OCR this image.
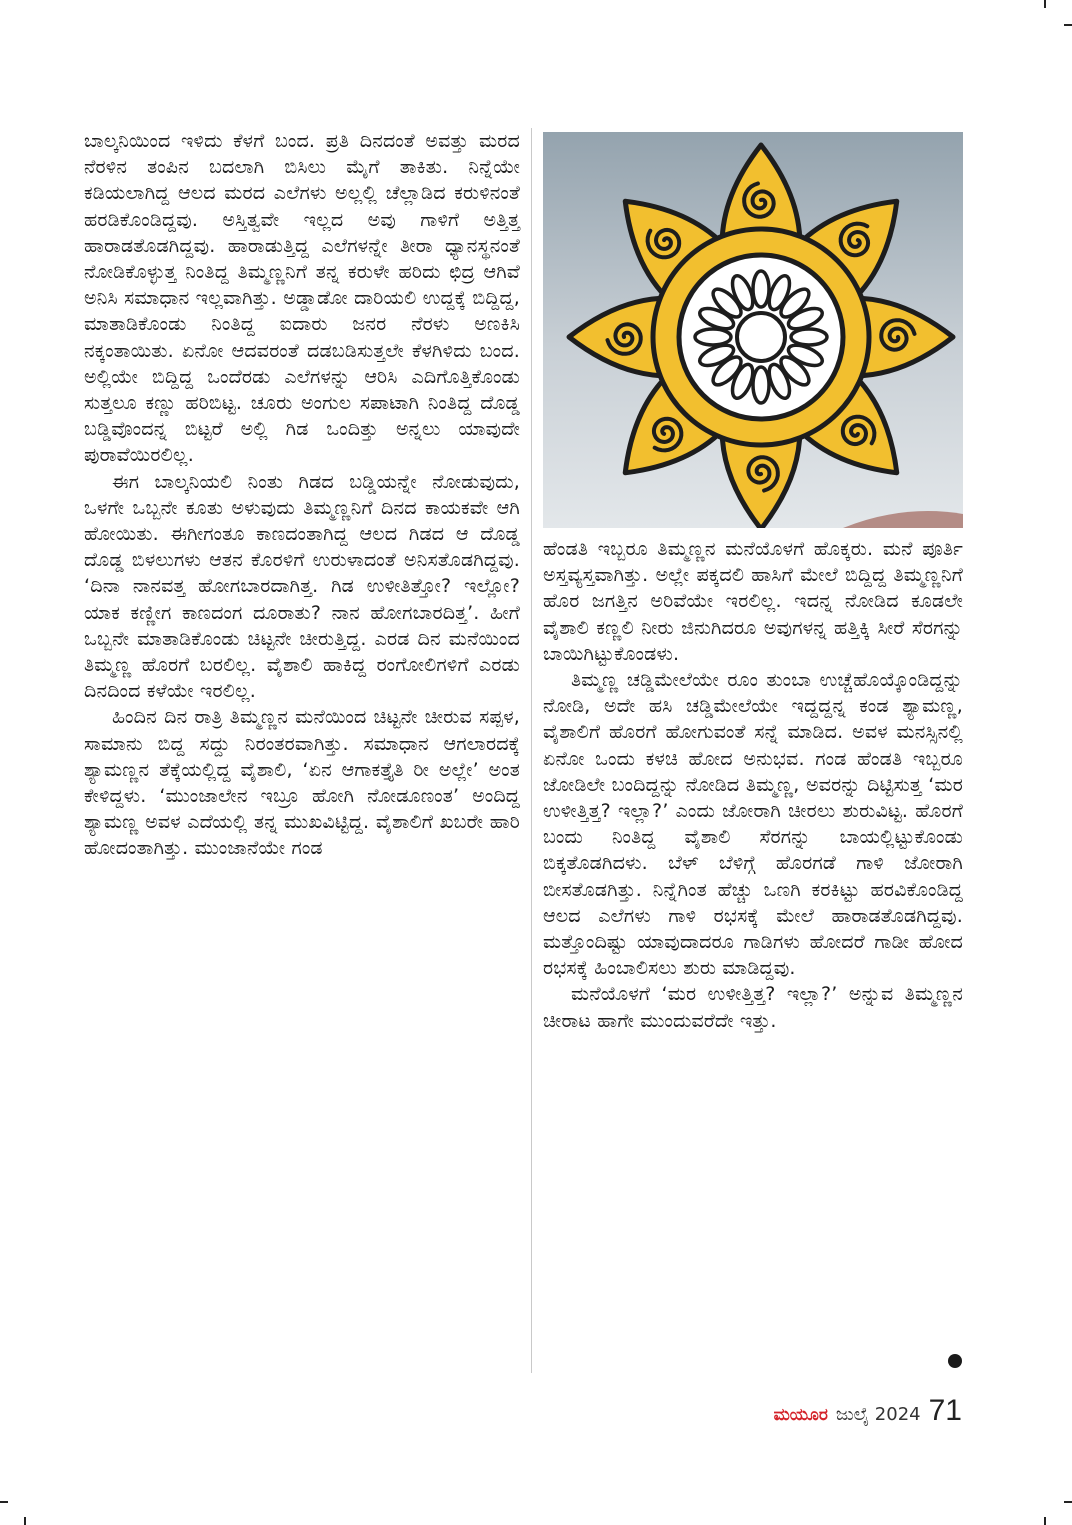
ಬಾಲ್ಕನಿಯಿಂದ ಇಳಿದು ಕೆಳಗೆ ಬಂದ. ಪ್ರತಿ ದಿನದಂತೆ ಅವತ್ತು ಮರದ ನೆರಳಿನ ತಂಪಿನ ಬದಲಾಗಿ ಬಿಸಿಲು ಮೈಗೆ ತಾಕಿತು. ನಿನ್ನೆಯೇ ಕಡಿಯಲಾಗಿದ್ದ ಆಲದ ಮರದ ಎಲೆಗಳು ಅಲ್ಲಲ್ಲಿ ಚೆಲ್ಲಾಡಿದ ಕರುಳಿನಂತೆ ಹರಡಿಕೊಂಡಿದ್ದವು. ಅಸ್ತಿತ್ವವೇ ಇಲ್ಲದ ಅವು ಗಾಳಿಗೆ ಅತ್ತಿತ್ತ ಹಾರಾಡತೊಡಗಿದ್ದವು. ಹಾರಾಡುತ್ತಿದ್ದ ಎಲೆಗಳನ್ನೇ ತೀರಾ ಧ್ಯಾನಸ್ಥನಂತೆ ನೋಡಿಕೊಳ್ಳುತ್ತ ನಿಂತಿದ್ದ ತಿಮ್ಮಣ್ಣನಿಗೆ ತನ್ನ ಕರುಳೇ ಹರಿದು ಛಿದ್ರ ಆಗಿವೆ ಅನಿಸಿ ಸಮಾಧಾನ ಇಲ್ಲವಾಗಿತ್ತು. ಅಡ್ಡಾಡೋ ದಾರಿಯಲಿ ಉದ್ದಕ್ಕೆ ಬಿದ್ದಿದ್ದ, ಮಾತಾಡಿಕೊಂಡು ನಿಂತಿದ್ದ ಐದಾರು ಜನರ ನೆರಳು ಅಣಕಿಸಿ ನಕ್ಕಂತಾಯಿತು. ಏನೋ ಆದವರಂತೆ ದಡಬಡಿಸುತ್ತಲೇ ಕೆಳಗಿಳಿದು ಬಂದ. ಅಲ್ಲಿಯೇ ಬಿದ್ದಿದ್ದ ಒಂದೆರಡು ಎಲೆಗಳನ್ನು ಆರಿಸಿ ಎದಿಗೊತ್ತಿಕೊಂಡು ಸುತ್ತಲೂ ಕಣ್ಣು ಹರಿಬಿಟ್ಟ. ಚೂರು ಅಂಗುಲ ಸಪಾಟಾಗಿ ನಿಂತಿದ್ದ ದೊಡ್ಡ ಬಡ್ಡಿವೊಂದನ್ನ ಬಿಟ್ಟರೆ ಅಲ್ಲಿ ಗಿಡ ಒಂದಿತ್ತು ಅನ್ನಲು ಯಾವುದೇ ಪುರಾವೆಯಿರಲಿಲ್ಲ.

ಈಗ ಬಾಲ್ಕನಿಯಲಿ ನಿಂತು ಗಿಡದ ಬಡ್ಡಿಯನ್ನೇ ನೋಡುವುದು, ಒಳಗೇ ಒಬ್ಬನೇ ಕೂತು ಅಳುವುದು ತಿಮ್ಮಣ್ಣನಿಗೆ ದಿನದ ಕಾಯಕವೇ ಆಗಿ ಹೋಯಿತು. ಈಗೀಗಂತೂ ಕಾಣದಂತಾಗಿದ್ದ ಆಲದ ಗಿಡದ ಆ ದೊಡ್ಡ ದೊಡ್ಡ ಬಿಳಲುಗಳು ಆತನ ಕೊರಳಿಗೆ ಉರುಳಾದಂತೆ ಅನಿಸತೊಡಗಿದ್ದವು. ‘ದಿನಾ ನಾನವತ್ತ ಹೋಗಬಾರದಾಗಿತ್ತ. ಗಿಡ ಉಳೀತಿತ್ತೋ? ಇಲ್ಲೋ? ಯಾಕ ಕಣ್ಣೀಗ ಕಾಣದಂಗ ದೂರಾತು? ನಾನ ಹೋಗಬಾರದಿತ್ತ’. ಹೀಗೆ ಒಬ್ಬನೇ ಮಾತಾಡಿಕೊಂಡು ಚಿಟ್ಟನೇ ಚೀರುತ್ತಿದ್ದ. ಎರಡ ದಿನ ಮನೆಯಿಂದ ತಿಮ್ಮಣ್ಣ ಹೊರಗೆ ಬರಲಿಲ್ಲ. ವೈಶಾಲಿ ಹಾಕಿದ್ದ ರಂಗೋಲಿಗಳಿಗೆ ಎರಡು ದಿನದಿಂದ ಕಳೆಯೇ ಇರಲಿಲ್ಲ.

ಹಿಂದಿನ ದಿನ ರಾತ್ರಿ ತಿಮ್ಮಣ್ಣನ ಮನೆಯಿಂದ ಚಿಟ್ಟನೇ ಚೀರುವ ಸಪ್ಪಳ, ಸಾಮಾನು ಬಿದ್ದ ಸದ್ದು ನಿರಂತರವಾಗಿತ್ತು. ಸಮಾಧಾನ ಆಗಲಾರದಕ್ಕೆ ಶ್ಯಾಮಣ್ಣನ ತೆಕ್ಕೆಯಲ್ಲಿದ್ದ ವೈಶಾಲಿ, ‘ಏನ ಆಗಾಕತ್ತೈತಿ ರೀ ಅಲ್ಲೇ’ ಅಂತ ಕೇಳಿದ್ದಳು. ‘ಮುಂಜಾಲೇನ ಇಬ್ರೂ ಹೋಗಿ ನೋಡೂಣಂತ’ ಅಂದಿದ್ದ ಶ್ಯಾಮಣ್ಣ ಅವಳ ಎದೆಯಲ್ಲಿ ತನ್ನ ಮುಖವಿಟ್ಟಿದ್ದ. ವೈಶಾಲಿಗೆ ಖಬರೇ ಹಾರಿ ಹೋದಂತಾಗಿತ್ತು. ಮುಂಜಾನೆಯೇ ಗಂಡ

ಹೆಂಡತಿ ಇಬ್ಬರೂ ತಿಮ್ಮಣ್ಣನ ಮನೆಯೊಳಗೆ ಹೊಕ್ಕರು. ಮನೆ ಪೂರ್ತಿ ಅಸ್ತವ್ಯಸ್ತವಾಗಿತ್ತು. ಅಲ್ಲೇ ಪಕ್ಕದಲಿ ಹಾಸಿಗೆ ಮೇಲೆ ಬಿದ್ದಿದ್ದ ತಿಮ್ಮಣ್ಣನಿಗೆ ಹೊರ ಜಗತ್ತಿನ ಅರಿವೆಯೇ ಇರಲಿಲ್ಲ. ಇದನ್ನ ನೋಡಿದ ಕೂಡಲೇ ವೈಶಾಲಿ ಕಣ್ಣಲಿ ನೀರು ಜಿನುಗಿದರೂ ಅವುಗಳನ್ನ ಹತ್ತಿಕ್ಕಿ ಸೀರೆ ಸೆರಗನ್ನು ಬಾಯಿಗಿಟ್ಟುಕೊಂಡಳು.

ತಿಮ್ಮಣ್ಣ ಚಡ್ಡಿಮೇಲೆಯೇ ರೂಂ ತುಂಬಾ ಉಚ್ಚೆಹೊಯ್ಕೊಂಡಿದ್ದನ್ನು ನೋಡಿ, ಅದೇ ಹಸಿ ಚಡ್ಡಿಮೇಲೆಯೇ ಇದ್ದದ್ದನ್ನ ಕಂಡ ಶ್ಯಾಮಣ್ಣ, ವೈಶಾಲಿಗೆ ಹೊರಗೆ ಹೋಗುವಂತೆ ಸನ್ನೆ ಮಾಡಿದ. ಅವಳ ಮನಸ್ಸಿನಲ್ಲಿ ಏನೋ ಒಂದು ಕಳಚಿ ಹೋದ ಅನುಭವ. ಗಂಡ ಹೆಂಡತಿ ಇಬ್ಬರೂ ಜೋಡಿಲೇ ಬಂದಿದ್ದನ್ನು ನೋಡಿದ ತಿಮ್ಮಣ್ಣ, ಅವರನ್ನು ದಿಟ್ಟಿಸುತ್ತ ‘ಮರ ಉಳೀತ್ತಿತ್ತ? ಇಲ್ಲಾ?’ ಎಂದು ಜೋರಾಗಿ ಚೀರಲು ಶುರುವಿಟ್ಟ. ಹೊರಗೆ ಬಂದು ನಿಂತಿದ್ದ ವೈಶಾಲಿ ಸೆರಗನ್ನು ಬಾಯಲ್ಲಿಟ್ಟುಕೊಂಡು ಬಿಕ್ಕತೊಡಗಿದಳು. ಬೆಳ್ ಬೆಳಿಗ್ಗೆ ಹೊರಗಡೆ ಗಾಳಿ ಜೋರಾಗಿ ಬೀಸತೊಡಗಿತ್ತು. ನಿನ್ನೆಗಿಂತ ಹೆಚ್ಚು ಒಣಗಿ ಕರಕಿಟ್ಟು ಹರವಿಕೊಂಡಿದ್ದ ಆಲದ ಎಲೆಗಳು ಗಾಳಿ ರಭಸಕ್ಕೆ ಮೇಲೆ ಹಾರಾಡತೊಡಗಿದ್ದವು. ಮತ್ತೊಂದಿಷ್ಟು ಯಾವುದಾದರೂ ಗಾಡಿಗಳು ಹೋದರೆ ಗಾಡೀ ಹೋದ ರಭಸಕ್ಕೆ ಹಿಂಬಾಲಿಸಲು ಶುರು ಮಾಡಿದ್ದವು.

ಮನೆಯೊಳಗೆ ‘ಮರ ಉಳೀತ್ತಿತ್ತ? ಇಲ್ಲಾ?’ ಅನ್ನುವ ತಿಮ್ಮಣ್ಣನ ಚೀರಾಟ ಹಾಗೇ ಮುಂದುವರೆದೇ ಇತ್ತು.

ಮಯೂರ ಜುಲೈ 2024 71
